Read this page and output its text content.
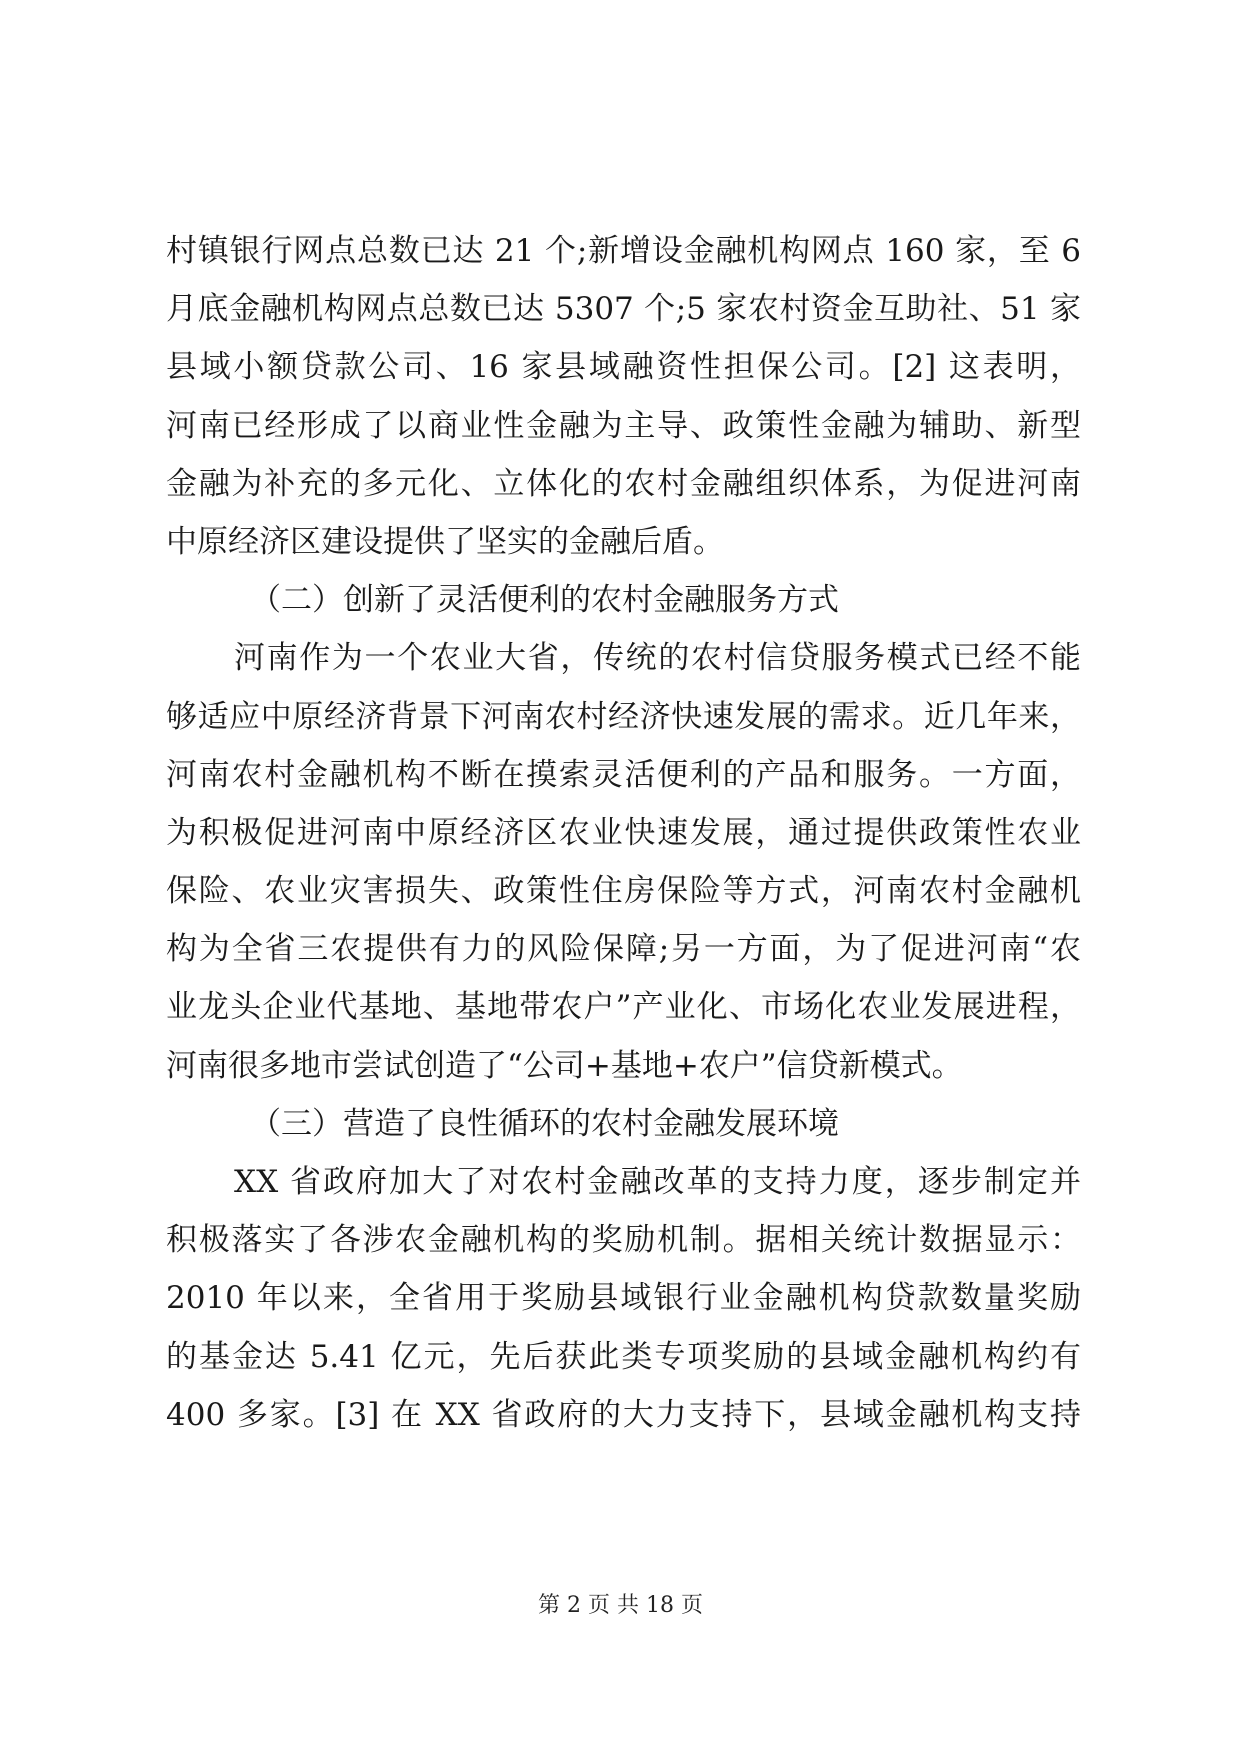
村镇银行网点总数已达 21 个;新增设金融机构网点 160 家，至 6
月底金融机构网点总数已达 5307 个;5 家农村资金互助社、51 家
县域小额贷款公司、16 家县域融资性担保公司。[2] 这表明，
河南已经形成了以商业性金融为主导、政策性金融为辅助、新型
金融为补充的多元化、立体化的农村金融组织体系，为促进河南
中原经济区建设提供了坚实的金融后盾。
（二）创新了灵活便利的农村金融服务方式
河南作为一个农业大省，传统的农村信贷服务模式已经不能
够适应中原经济背景下河南农村经济快速发展的需求。近几年来，
河南农村金融机构不断在摸索灵活便利的产品和服务。一方面，
为积极促进河南中原经济区农业快速发展，通过提供政策性农业
保险、农业灾害损失、政策性住房保险等方式，河南农村金融机
构为全省三农提供有力的风险保障;另一方面，为了促进河南“农
业龙头企业代基地、基地带农户”产业化、市场化农业发展进程，
河南很多地市尝试创造了“公司+基地+农户”信贷新模式。
（三）营造了良性循环的农村金融发展环境
XX 省政府加大了对农村金融改革的支持力度，逐步制定并
积极落实了各涉农金融机构的奖励机制。据相关统计数据显示：
2010 年以来，全省用于奖励县域银行业金融机构贷款数量奖励
的基金达 5.41 亿元，先后获此类专项奖励的县域金融机构约有
400 多家。[3] 在 XX 省政府的大力支持下，县域金融机构支持
第 2 页 共 18 页
